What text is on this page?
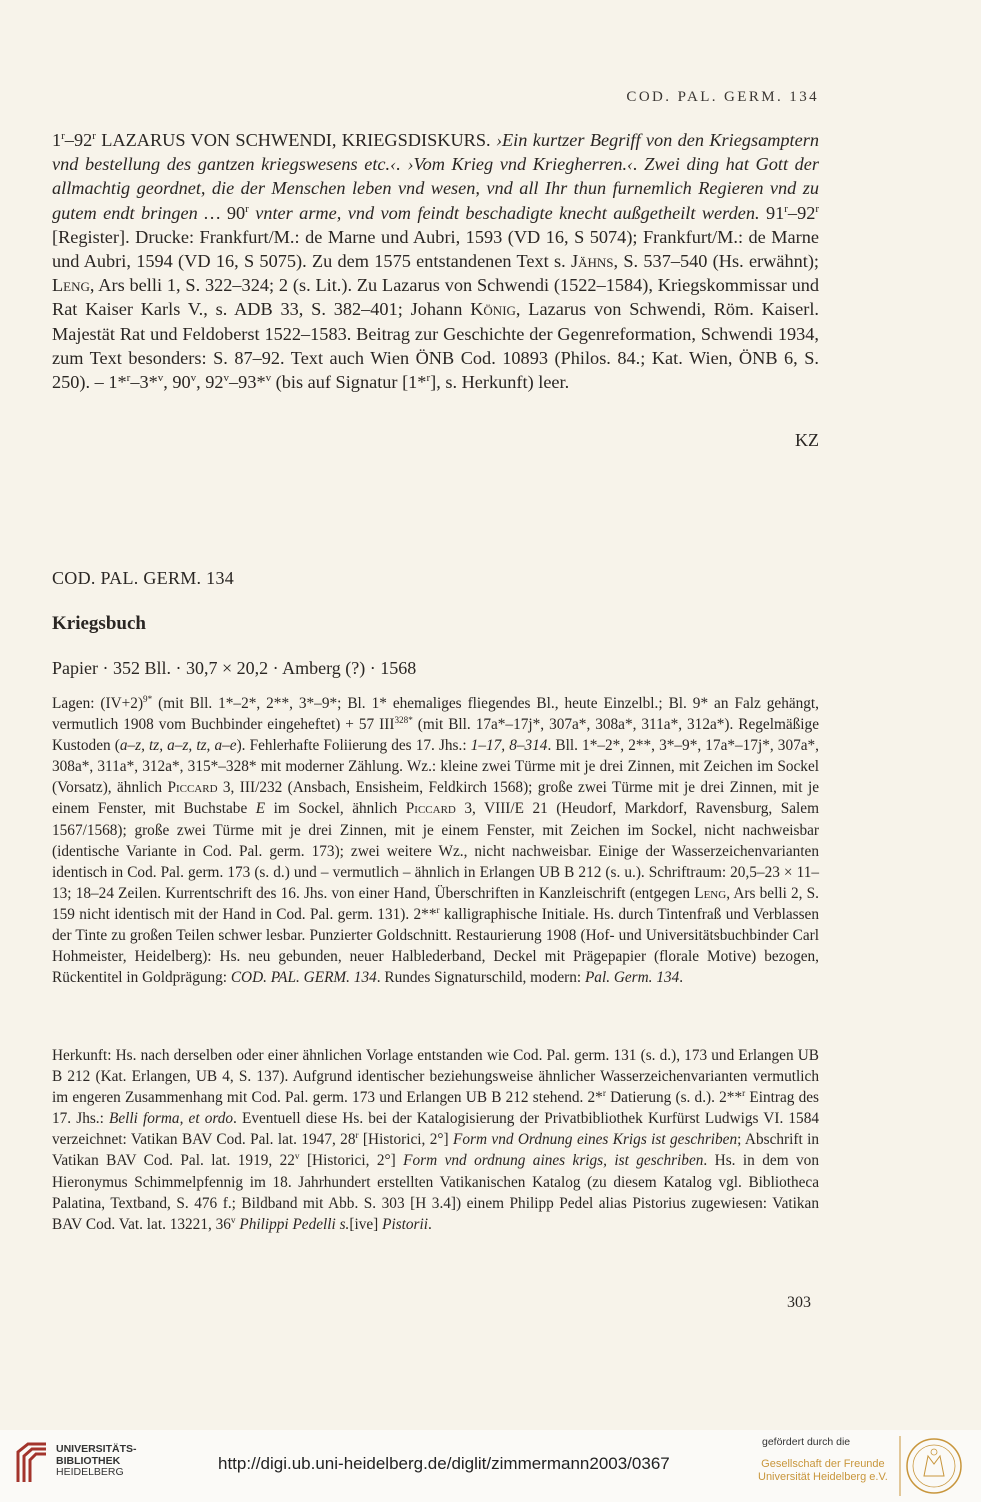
COD. PAL. GERM. 134
1$^r$–92$^r$ LAZARUS VON SCHWENDI, KRIEGSDISKURS. ›Ein kurtzer Begriff von den Kriegsamptern vnd bestellung des gantzen kriegswesens etc.‹. ›Vom Krieg vnd Kriegherren.‹. Zwei ding hat Gott der allmachtig geordnet, die der Menschen leben vnd wesen, vnd all Ihr thun furnemlich Regieren vnd zu gutem endt bringen … 90$^r$ vnter arme, vnd vom feindt beschadigte knecht außgetheilt werden. 91$^r$–92$^r$ [Register]. Drucke: Frankfurt/M.: de Marne und Aubri, 1593 (VD 16, S 5074); Frankfurt/M.: de Marne und Aubri, 1594 (VD 16, S 5075). Zu dem 1575 entstandenen Text s. Jähns, S. 537–540 (Hs. erwähnt); Leng, Ars belli 1, S. 322–324; 2 (s. Lit.). Zu Lazarus von Schwendi (1522–1584), Kriegskommissar und Rat Kaiser Karls V., s. ADB 33, S. 382–401; Johann König, Lazarus von Schwendi, Röm. Kaiserl. Majestät Rat und Feldoberst 1522–1583. Beitrag zur Geschichte der Gegenreformation, Schwendi 1934, zum Text besonders: S. 87–92. Text auch Wien ÖNB Cod. 10893 (Philos. 84.; Kat. Wien, ÖNB 6, S. 250). – 1*$^r$–3*$^v$, 90$^v$, 92$^v$–93*$^v$ (bis auf Signatur [1*$^r$], s. Herkunft) leer.
KZ
COD. PAL. GERM. 134
Kriegsbuch
Papier · 352 Bll. · 30,7 × 20,2 · Amberg (?) · 1568
Lagen: $(IV+2)^{9*}$ (mit Bll. 1*–2*, 2**, 3*–9*; Bl. 1* ehemaliges fliegendes Bl., heute Einzelbl.; Bl. 9* an Falz gehängt, vermutlich 1908 vom Buchbinder eingeheftet) + 57 $III^{328*}$ (mit Bll. 17a*–17j*, 307a*, 308a*, 311a*, 312a*). Regelmäßige Kustoden (a–z, tz, a–z, tz, a–e). Fehlerhafte Foliierung des 17. Jhs.: 1–17, 8–314. Bll. 1*–2*, 2**, 3*–9*, 17a*–17j*, 307a*, 308a*, 311a*, 312a*, 315*–328* mit moderner Zählung. Wz.: kleine zwei Türme mit je drei Zinnen, mit Zeichen im Sockel (Vorsatz), ähnlich Piccard 3, III/232 (Ansbach, Ensisheim, Feldkirch 1568); große zwei Türme mit je drei Zinnen, mit je einem Fenster, mit Buchstabe E im Sockel, ähnlich Piccard 3, VIII/E 21 (Heudorf, Markdorf, Ravensburg, Salem 1567/1568); große zwei Türme mit je drei Zinnen, mit je einem Fenster, mit Zeichen im Sockel, nicht nachweisbar (identische Variante in Cod. Pal. germ. 173); zwei weitere Wz., nicht nachweisbar. Einige der Wasserzeichenvarianten identisch in Cod. Pal. germ. 173 (s. d.) und – vermutlich – ähnlich in Erlangen UB B 212 (s. u.). Schriftraum: 20,5–23 × 11–13; 18–24 Zeilen. Kurrentschrift des 16. Jhs. von einer Hand, Überschriften in Kanzleischrift (entgegen Leng, Ars belli 2, S. 159 nicht identisch mit der Hand in Cod. Pal. germ. 131). 2**$^r$ kalligraphische Initiale. Hs. durch Tintenfraß und Verblassen der Tinte zu großen Teilen schwer lesbar. Punzierter Goldschnitt. Restaurierung 1908 (Hof- und Universitätsbuchbinder Carl Hohmeister, Heidelberg): Hs. neu gebunden, neuer Halblederband, Deckel mit Prägepapier (florale Motive) bezogen, Rückentitel in Goldprägung: COD. PAL. GERM. 134. Rundes Signaturschild, modern: Pal. Germ. 134.
Herkunft: Hs. nach derselben oder einer ähnlichen Vorlage entstanden wie Cod. Pal. germ. 131 (s. d.), 173 und Erlangen UB B 212 (Kat. Erlangen, UB 4, S. 137). Aufgrund identischer beziehungsweise ähnlicher Wasserzeichenvarianten vermutlich im engeren Zusammenhang mit Cod. Pal. germ. 173 und Erlangen UB B 212 stehend. 2*$^r$ Datierung (s. d.). 2**$^r$ Eintrag des 17. Jhs.: Belli forma, et ordo. Eventuell diese Hs. bei der Katalogisierung der Privatbibliothek Kurfürst Ludwigs VI. 1584 verzeichnet: Vatikan BAV Cod. Pal. lat. 1947, 28$^r$ [Historici, 2°] Form vnd Ordnung eines Krigs ist geschriben; Abschrift in Vatikan BAV Cod. Pal. lat. 1919, 22$^v$ [Historici, 2°] Form vnd ordnung aines krigs, ist geschriben. Hs. in dem von Hieronymus Schimmelpfennig im 18. Jahrhundert erstellten Vatikanischen Katalog (zu diesem Katalog vgl. Bibliotheca Palatina, Textband, S. 476 f.; Bildband mit Abb. S. 303 [H 3.4]) einem Philipp Pedel alias Pistorius zugewiesen: Vatikan BAV Cod. Vat. lat. 13221, 36$^v$ Philippi Pedelli s.[ive] Pistorii.
303
UNIVERSITÄTS-
BIBLIOTHEK
HEIDELBERG	http://digi.ub.uni-heidelberg.de/diglit/zimmermann2003/0367
gefördert durch die
Gesellschaft der Freunde
Universität Heidelberg e.V.
